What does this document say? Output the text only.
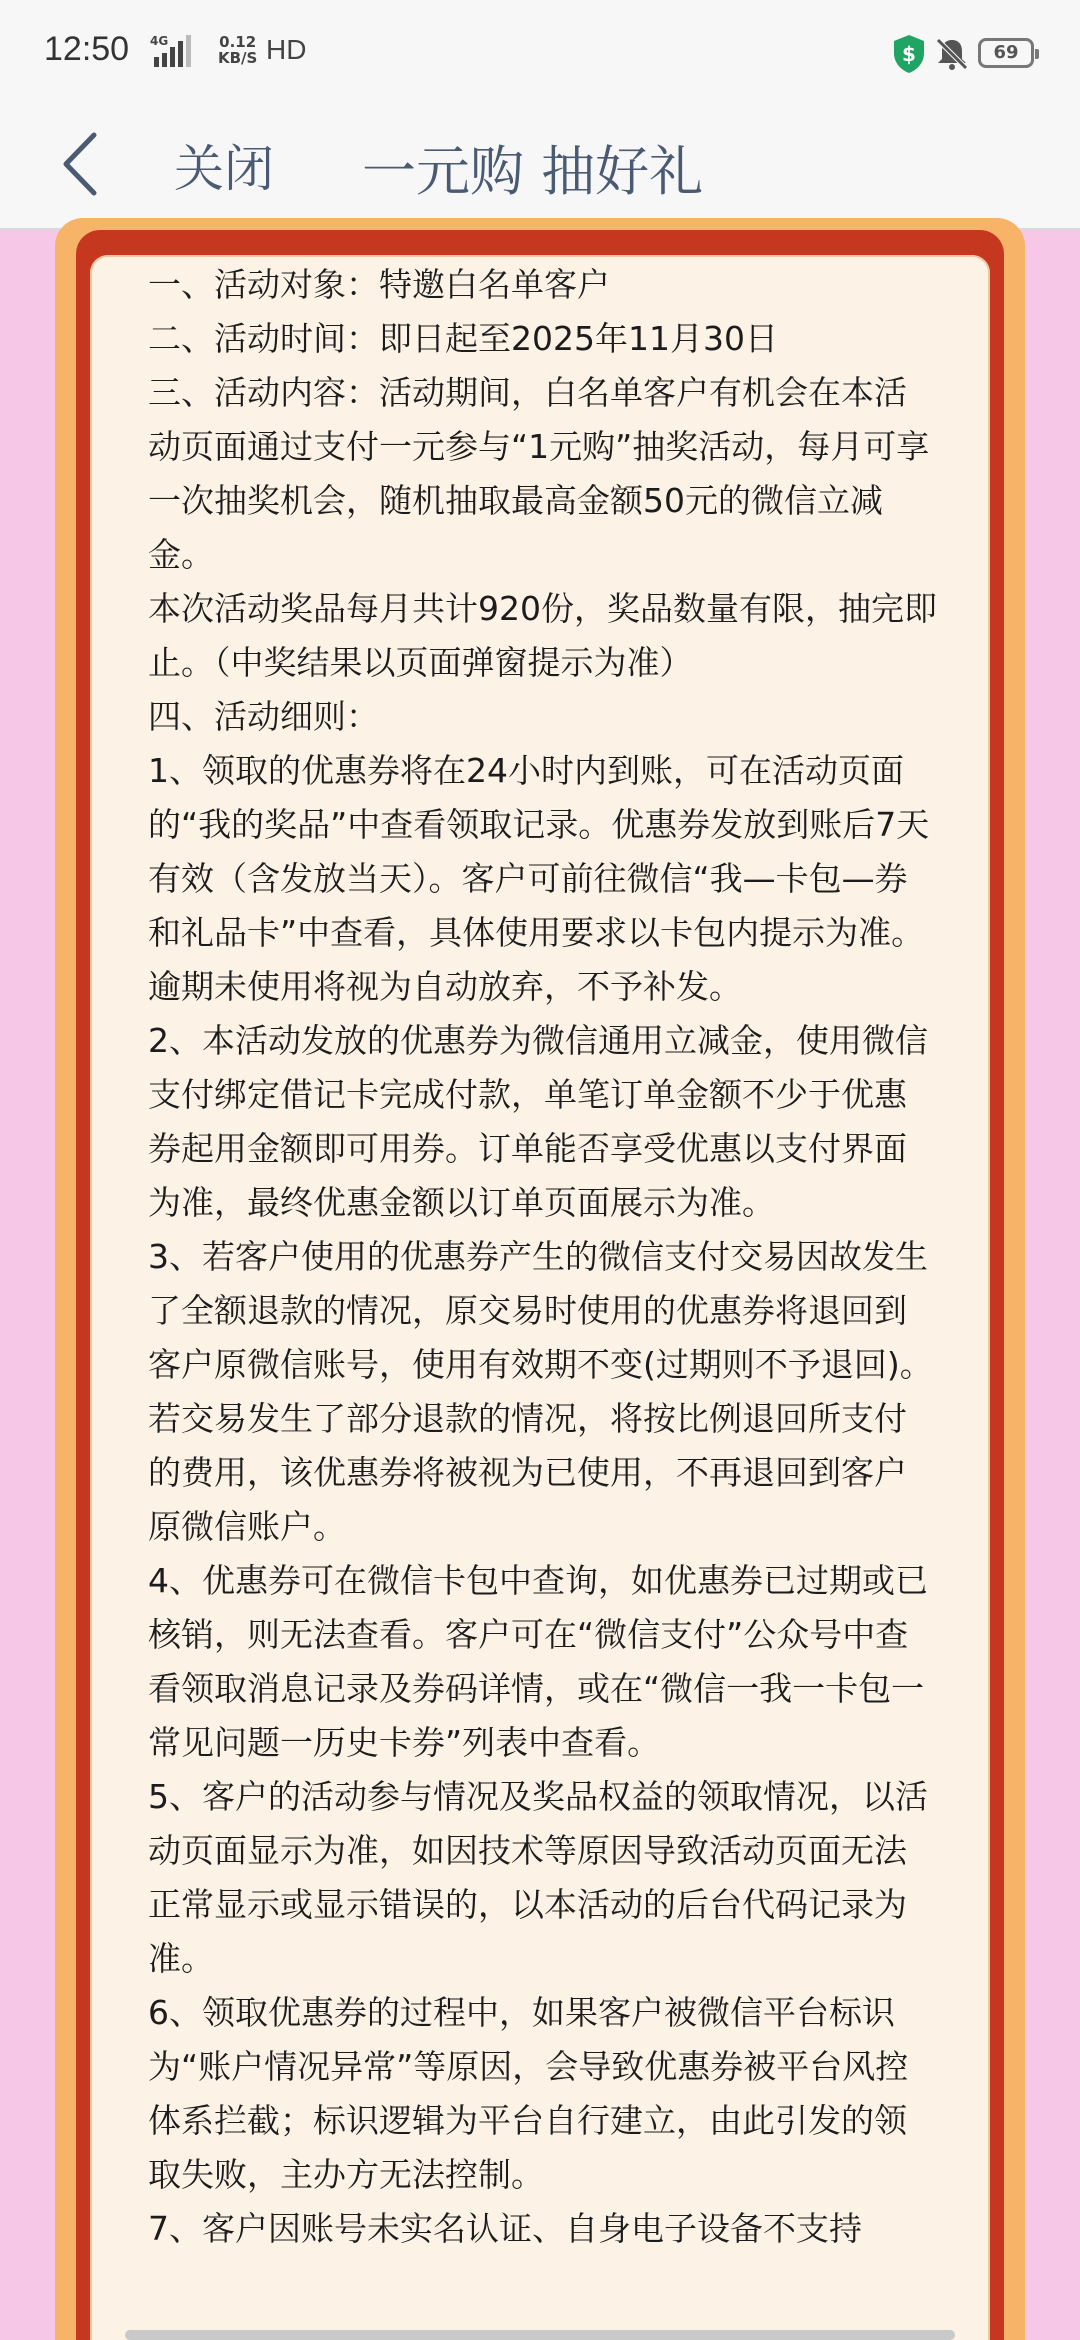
12:50 4G	0.12
KB/S HD	$	69
关闭 一元购 抽好礼

一、活动对象：特邀白名单客户

二、活动时间：即日起至2025年11月30日

三、活动内容：活动期间，白名单客户有机会在本活动页面通过支付一元参与“1元购”抽奖活动，每月可享一次抽奖机会，随机抽取最高金额50元的微信立减金。

本次活动奖品每月共计920份，奖品数量有限，抽完即止。（中奖结果以页面弹窗提示为准）

四、活动细则：

1、领取的优惠券将在24小时内到账，可在活动页面的“我的奖品”中查看领取记录。优惠券发放到账后7天有效（含发放当天）。客户可前往微信“我—卡包—券和礼品卡”中查看，具体使用要求以卡包内提示为准。逾期未使用将视为自动放弃，不予补发。

2、本活动发放的优惠券为微信通用立减金，使用微信支付绑定借记卡完成付款，单笔订单金额不少于优惠券起用金额即可用券。订单能否享受优惠以支付界面为准，最终优惠金额以订单页面展示为准。

3、若客户使用的优惠券产生的微信支付交易因故发生了全额退款的情况，原交易时使用的优惠券将退回到客户原微信账号，使用有效期不变(过期则不予退回)。若交易发生了部分退款的情况，将按比例退回所支付的费用，该优惠券将被视为已使用，不再退回到客户原微信账户。

4、优惠券可在微信卡包中查询，如优惠券已过期或已核销，则无法查看。客户可在“微信支付”公众号中查看领取消息记录及券码详情，或在“微信一我一卡包一常见问题一历史卡券”列表中查看。

5、客户的活动参与情况及奖品权益的领取情况，以活动页面显示为准，如因技术等原因导致活动页面无法正常显示或显示错误的，以本活动的后台代码记录为准。

6、领取优惠券的过程中，如果客户被微信平台标识为“账户情况异常”等原因，会导致优惠券被平台风控体系拦截；标识逻辑为平台自行建立，由此引发的领取失败，主办方无法控制。

7、客户因账号未实名认证、自身电子设备不支持
